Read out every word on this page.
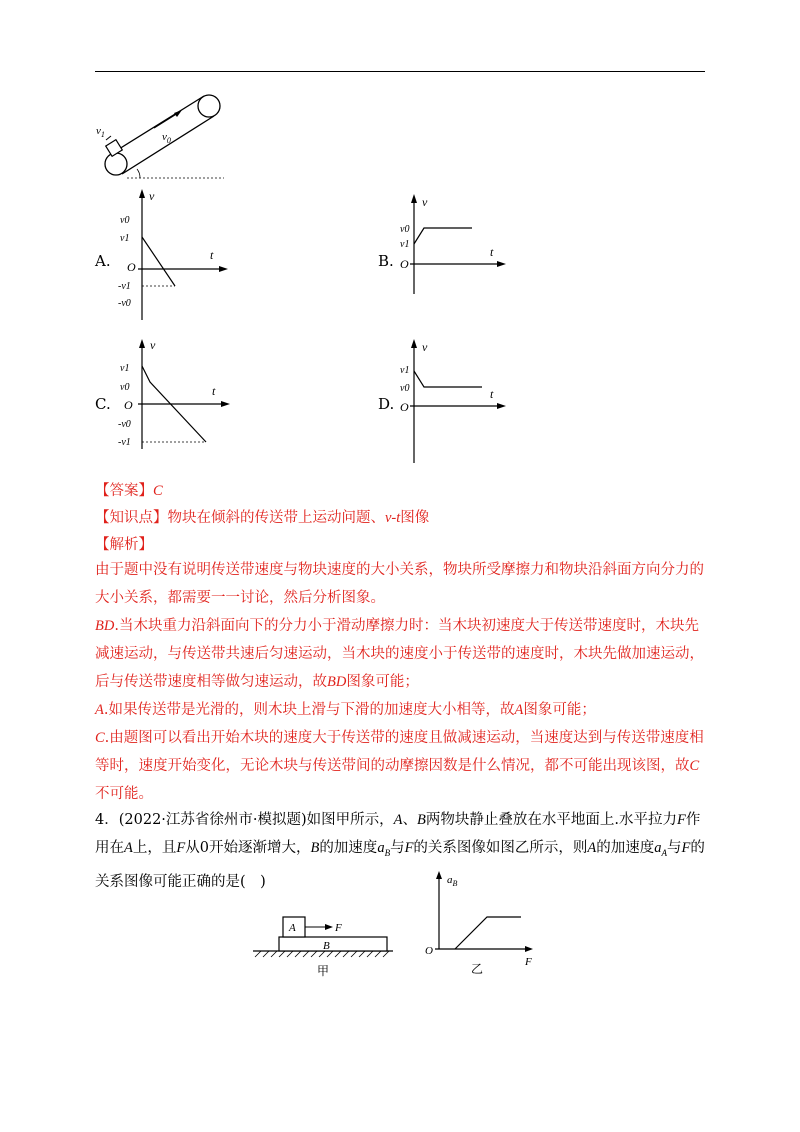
$v_1$	$v_0$
A.
v
t
O
v0
v1
-v1
-v0
B.
v
t
O
v0
v1
C.
v
t
O
v1
v0
-v0
-v1
D.
v
t
O
v1
v0
【答案】C
【知识点】物块在倾斜的传送带上运动问题、v-t图像
【解析】
由于题中没有说明传送带速度与物块速度的大小关系，物块所受摩擦力和物块沿斜面方向分力的大小关系，都需要一一讨论，然后分析图象。
BD.当木块重力沿斜面向下的分力小于滑动摩擦力时：当木块初速度大于传送带速度时，木块先减速运动，与传送带共速后匀速运动，当木块的速度小于传送带的速度时，木块先做加速运动，后与传送带速度相等做匀速运动，故BD图象可能；
A.如果传送带是光滑的，则木块上滑与下滑的加速度大小相等，故A图象可能；
C.由题图可以看出开始木块的速度大于传送带的速度且做减速运动，当速度达到与传送带速度相等时，速度开始变化，无论木块与传送带间的动摩擦因数是什么情况，都不可能出现该图，故C不可能。
4．(2022·江苏省徐州市·模拟题)如图甲所示，A、B两物块静止叠放在水平地面上.水平拉力F作用在A上，且F从0开始逐渐增大，B的加速度$a_B$与F的关系图像如图乙所示，则A的加速度$a_A$与F的关系图像可能正确的是(　)
B
A	F
甲
$a_B$
O
F
乙
